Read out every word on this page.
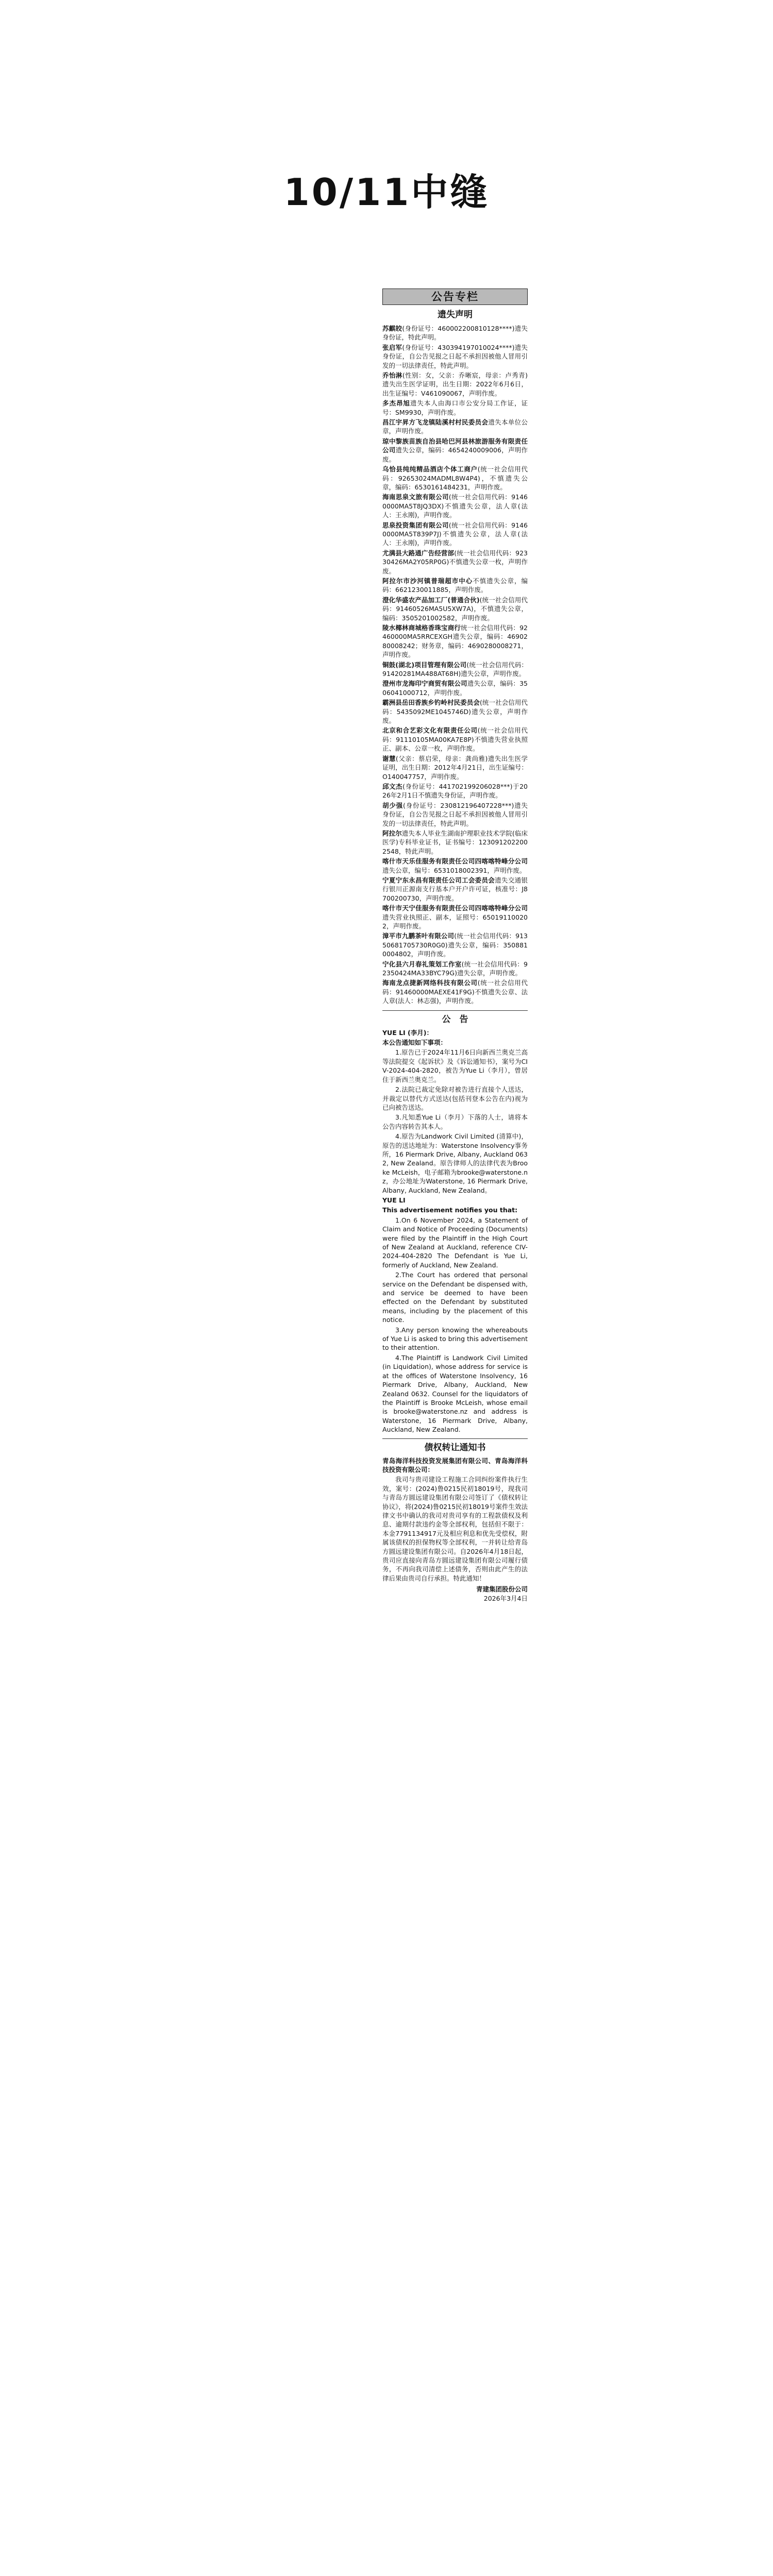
10/11中缝
公告专栏
遗失声明
苏麒皎(身份证号：460002200810128****)遗失身份证，特此声明。
张启军(身份证号：430394197010024****)遗失身份证，自公告见报之日起不承担因被他人冒用引发的一切法律责任，特此声明。
乔怡淋(性别：女，父亲：乔晰宸，母亲：卢秀青)遗失出生医学证明，出生日期：2022年6月6日，出生证编号：V461090067，声明作废。
多杰昂旭遗失本人由海口市公安分局工作证，证号：SM9930，声明作废。
昌江宇昇方飞龙镇陆溪村村民委员会遗失本单位公章，声明作废。
琼中黎族苗族自治县哈巴河县林旅游服务有限责任公司遗失公章，编码：4654240009006，声明作废。
乌恰县纯纯精品酒店个体工商户(统一社会信用代码：92653024MADML8W4P4)，不慎遗失公章，编码：6530161484231，声明作废。
海南思泉文旅有限公司(统一社会信用代码：91460000MA5T8JQ3DX)不慎遗失公章，法人章(法人：王永刚)，声明作废。
思泉投资集团有限公司(统一社会信用代码：91460000MA5T839P7J)不慎遗失公章，法人章(法人：王永刚)，声明作废。
尤满县大路通广告经营部(统一社会信用代码：92330426MA2Y05RP0G)不慎遗失公章一枚，声明作废。
阿拉尔市沙河镇普瑞超市中心不慎遗失公章，编码：6621230011885，声明作废。
澄化华盛农产品加工厂(普通合伙)(统一社会信用代码：91460526MA5U5XW7A)，不慎遗失公章，编码：3505201002582，声明作废。
陵水椰林商城格香珠宝商行统一社会信用代码：92460000MA5RRCEXGH遗失公章，编码：4690280008242；财务章，编码：4690280008271，声明作废。
铜鼓(湖北)项目管理有限公司(统一社会信用代码：91420281MA488AT68H)遗失公章，声明作废。
澄州市龙海印宁商贸有限公司遗失公章，编码：3506041000712，声明作废。
霸洲县岳田香族乡钓岭村民委员会(统一社会信用代码：5435092ME1045746D)遗失公章，声明作废。
北京和合艺彩文化有限责任公司(统一社会信用代码：91110105MA00KA7E8P)不慎遗失营业执照正、副本、公章一枚，声明作废。
谢慧(父亲：蔡启荣，母亲：龚尚雅)遗失出生医学证明，出生日期：2012年4月21日，出生证编号：O140047757，声明作废。
邱文杰(身份证号：441702199206028***)于2026年2月1日不慎遗失身份证，声明作废。
胡少强(身份证号：230812196407228***)遗失身份证，自公告见报之日起不承担因被他人冒用引发的一切法律责任，特此声明。
阿拉尔遗失本人毕业生湖南护理职业技术学院(临床医学)专科毕业证书，证书编号：1230912022002548，特此声明。
喀什市天乐佳服务有限责任公司四喀喀特峰分公司遗失公章，编号：6531018002391，声明作废。
宁夏宁东永昌有限责任公司工会委员会遗失交通银行银川正源南支行基本户开户许可证，核准号：J8700200730，声明作废。
喀什市天宁佳服务有限责任公司四喀喀特峰分公司遗失营业执照正、副本，证照号：650191100202，声明作废。
漳平市九鹏茶叶有限公司(统一社会信用代码：91350681705730R0G0)遗失公章，编码：3508810004802，声明作废。
宁化县六月春礼策划工作室(统一社会信用代码：92350424MA33BYC79G)遗失公章，声明作废。
海南龙点捷新网络科技有限公司(统一社会信用代码：91460000MAEXE41F9G)不慎遗失公章、法人章(法人：林志强)，声明作废。
公　告
YUE LI (李月)：
本公告通知如下事项：
1.原告已于2024年11月6日向新西兰奥克兰高等法院提交《起诉状》及《诉讼通知书》，案号为CIV-2024-404-2820，被告为Yue Li（李月），曾居住于新西兰奥克兰。
2.法院已裁定免除对被告进行直接个人送达，并裁定以替代方式送达(包括刊登本公告在内)视为已向被告送达。
3.凡知悉Yue Li（李月）下落的人士，请将本公告内容转告其本人。
4.原告为Landwork Civil Limited (清算中)，原告的送达地址为：Waterstone Insolvency事务所，16 Piermark Drive, Albany, Auckland 0632, New Zealand。原告律师人的法律代表为Brooke McLeish，电子邮箱为brooke@waterstone.nz，办公地址为Waterstone, 16 Piermark Drive, Albany, Auckland, New Zealand。
YUE LI
This advertisement notifies you that:
1.On 6 November 2024, a Statement of Claim and Notice of Proceeding (Documents) were filed by the Plaintiff in the High Court of New Zealand at Auckland, reference CIV-2024-404-2820 The Defendant is Yue Li, formerly of Auckland, New Zealand.
2.The Court has ordered that personal service on the Defendant be dispensed with, and service be deemed to have been effected on the Defendant by substituted means, including by the placement of this notice.
3.Any person knowing the whereabouts of Yue Li is asked to bring this advertisement to their attention.
4.The Plaintiff is Landwork Civil Limited (in Liquidation), whose address for service is at the offices of Waterstone Insolvency, 16 Piermark Drive, Albany, Auckland, New Zealand 0632. Counsel for the liquidators of the Plaintiff is Brooke McLeish, whose email is brooke@waterstone.nz and address is Waterstone, 16 Piermark Drive, Albany, Auckland, New Zealand.
债权转让通知书
青岛海洋科技投资发展集团有限公司、青岛海洋科技投资有限公司：
我司与贵司建设工程施工合同纠纷案件执行生效，案号：(2024)鲁0215民初18019号，现我司与青岛方圆远建设集团有限公司签订了《债权转让协议》，将(2024)鲁0215民初18019号案件生效法律文书中确认的我司对贵司享有的工程款债权及利息、逾期付款违约金等全部权利，包括但不限于：本金7791134917元及相应利息和优先受偿权，附属该债权的担保物权等全部权利，一并转让给青岛方圆远建设集团有限公司。自2026年4月18日起，贵司应直接向青岛方圆远建设集团有限公司履行债务，不再向我司清偿上述债务，否则由此产生的法律后果由贵司自行承担。特此通知！
青建集团股份公司
2026年3月4日
